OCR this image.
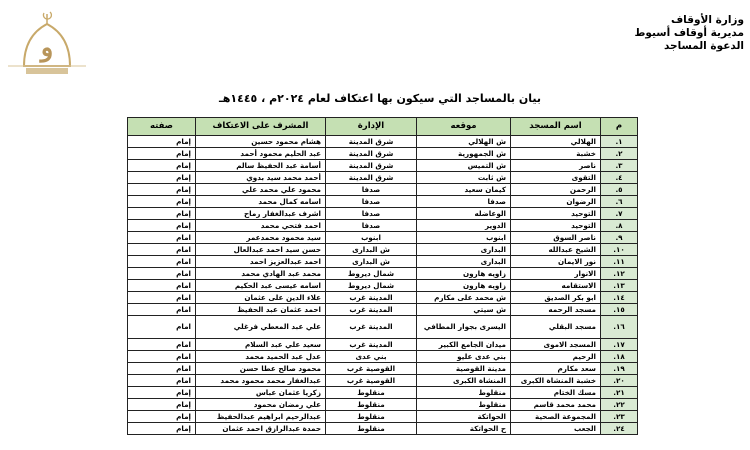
وزارة الأوقاف
مديرية أوقاف أسيوط
الدعوة المساجد
و
بيان بالمساجد التي سيكون بها اعتكاف لعام ٢٠٢٤م ، ١٤٤٥هـ
م	اسم المسجد	موقعه	الإدارة	المشرف على الاعتكاف	صفته
١.	الهلالي	ش الهلالي	شرق المدينة	هشام محمود حسين	إمام
٢.	خشبة	ش الجمهورية	شرق المدينة	عبد الحليم محمود أحمد	إمام
٣.	ناصر	ش التميس	شرق المدينة	أسامة عبد الحفيظ سالم	إمام
٤.	التقوى	ش ثابت	شرق المدينة	أحمد محمد سيد بدوي	إمام
٥.	الرحمن	كيمان سعيد	صدفا	محمود علي محمد علي	إمام
٦.	الرضوان	صدفا	صدفا	اسامه كمال محمد	إمام
٧.	التوحيد	الوعاضله	صدفا	اشرف عبدالغفار رماح	إمام
٨.	التوحيد	الدوير	صدفا	احمد فتحي محمد	إمام
٩.	ناصر السوق	ابنوب	ابنوب	سيد محمود محمدعمر	امام
١٠.	الشيخ عبدالله	البدارى	ش البدارى	حسن سيد احمد عبدالعال	امام
١١.	نور الايمان	البدارى	ش البدارى	احمد عبدالعزيز احمد	امام
١٢.	الانوار	زاويه هارون	شمال ديروط	محمد عبد الهادي محمد	امام
١٣.	الاستقامه	زاويه هارون	شمال ديروط	اسامه عيسى عبد الحكيم	امام
١٤.	ابو بكر الصديق	ش محمد على مكارم	المدينة غرب	علاء الدين على عثمان	امام
١٥.	مسجد الرحمه	ش سيتي	المدينة غرب	احمد عثمان عبد الحفيظ	امام
١٦.	مسجد البقلي	اليسرى بجوار المطافي	المدينة غرب	علي عبد المعطي فرغلي	امام
١٧.	المسجد الاموى	ميدان الجامع الكبير	المدينة غرب	سعيد علي عبد السلام	امام
١٨.	الرحيم	بني عدى عليو	بني عدى	عدل عبد الحميد محمد	امام
١٩.	سعد مكارم	مدينة القوصية	القوصية غرب	محمود صالح عطا حسن	امام
٢٠.	خشبة المنشاة الكبرى	المنشاة الكبرى	القوصية غرب	عبدالغفار محمد محمود محمد	امام
٢١.	مسك الختام	منقلوط	منقلوط	زكريا عثمان عباس	إمام
٢٢.	محمد محمد قاسم	منقلوط	منقلوط	علي رمضان محمود	إمام
٢٣.	المجموعة الصحية	الحواتكة	منقلوط	عبدالرحيم ابراهيم عبدالحفيظ	إمام
٢٤.	الجعب	ح الحواتكة	منقلوط	حمدة عبدالرازق احمد عثمان	إمام
